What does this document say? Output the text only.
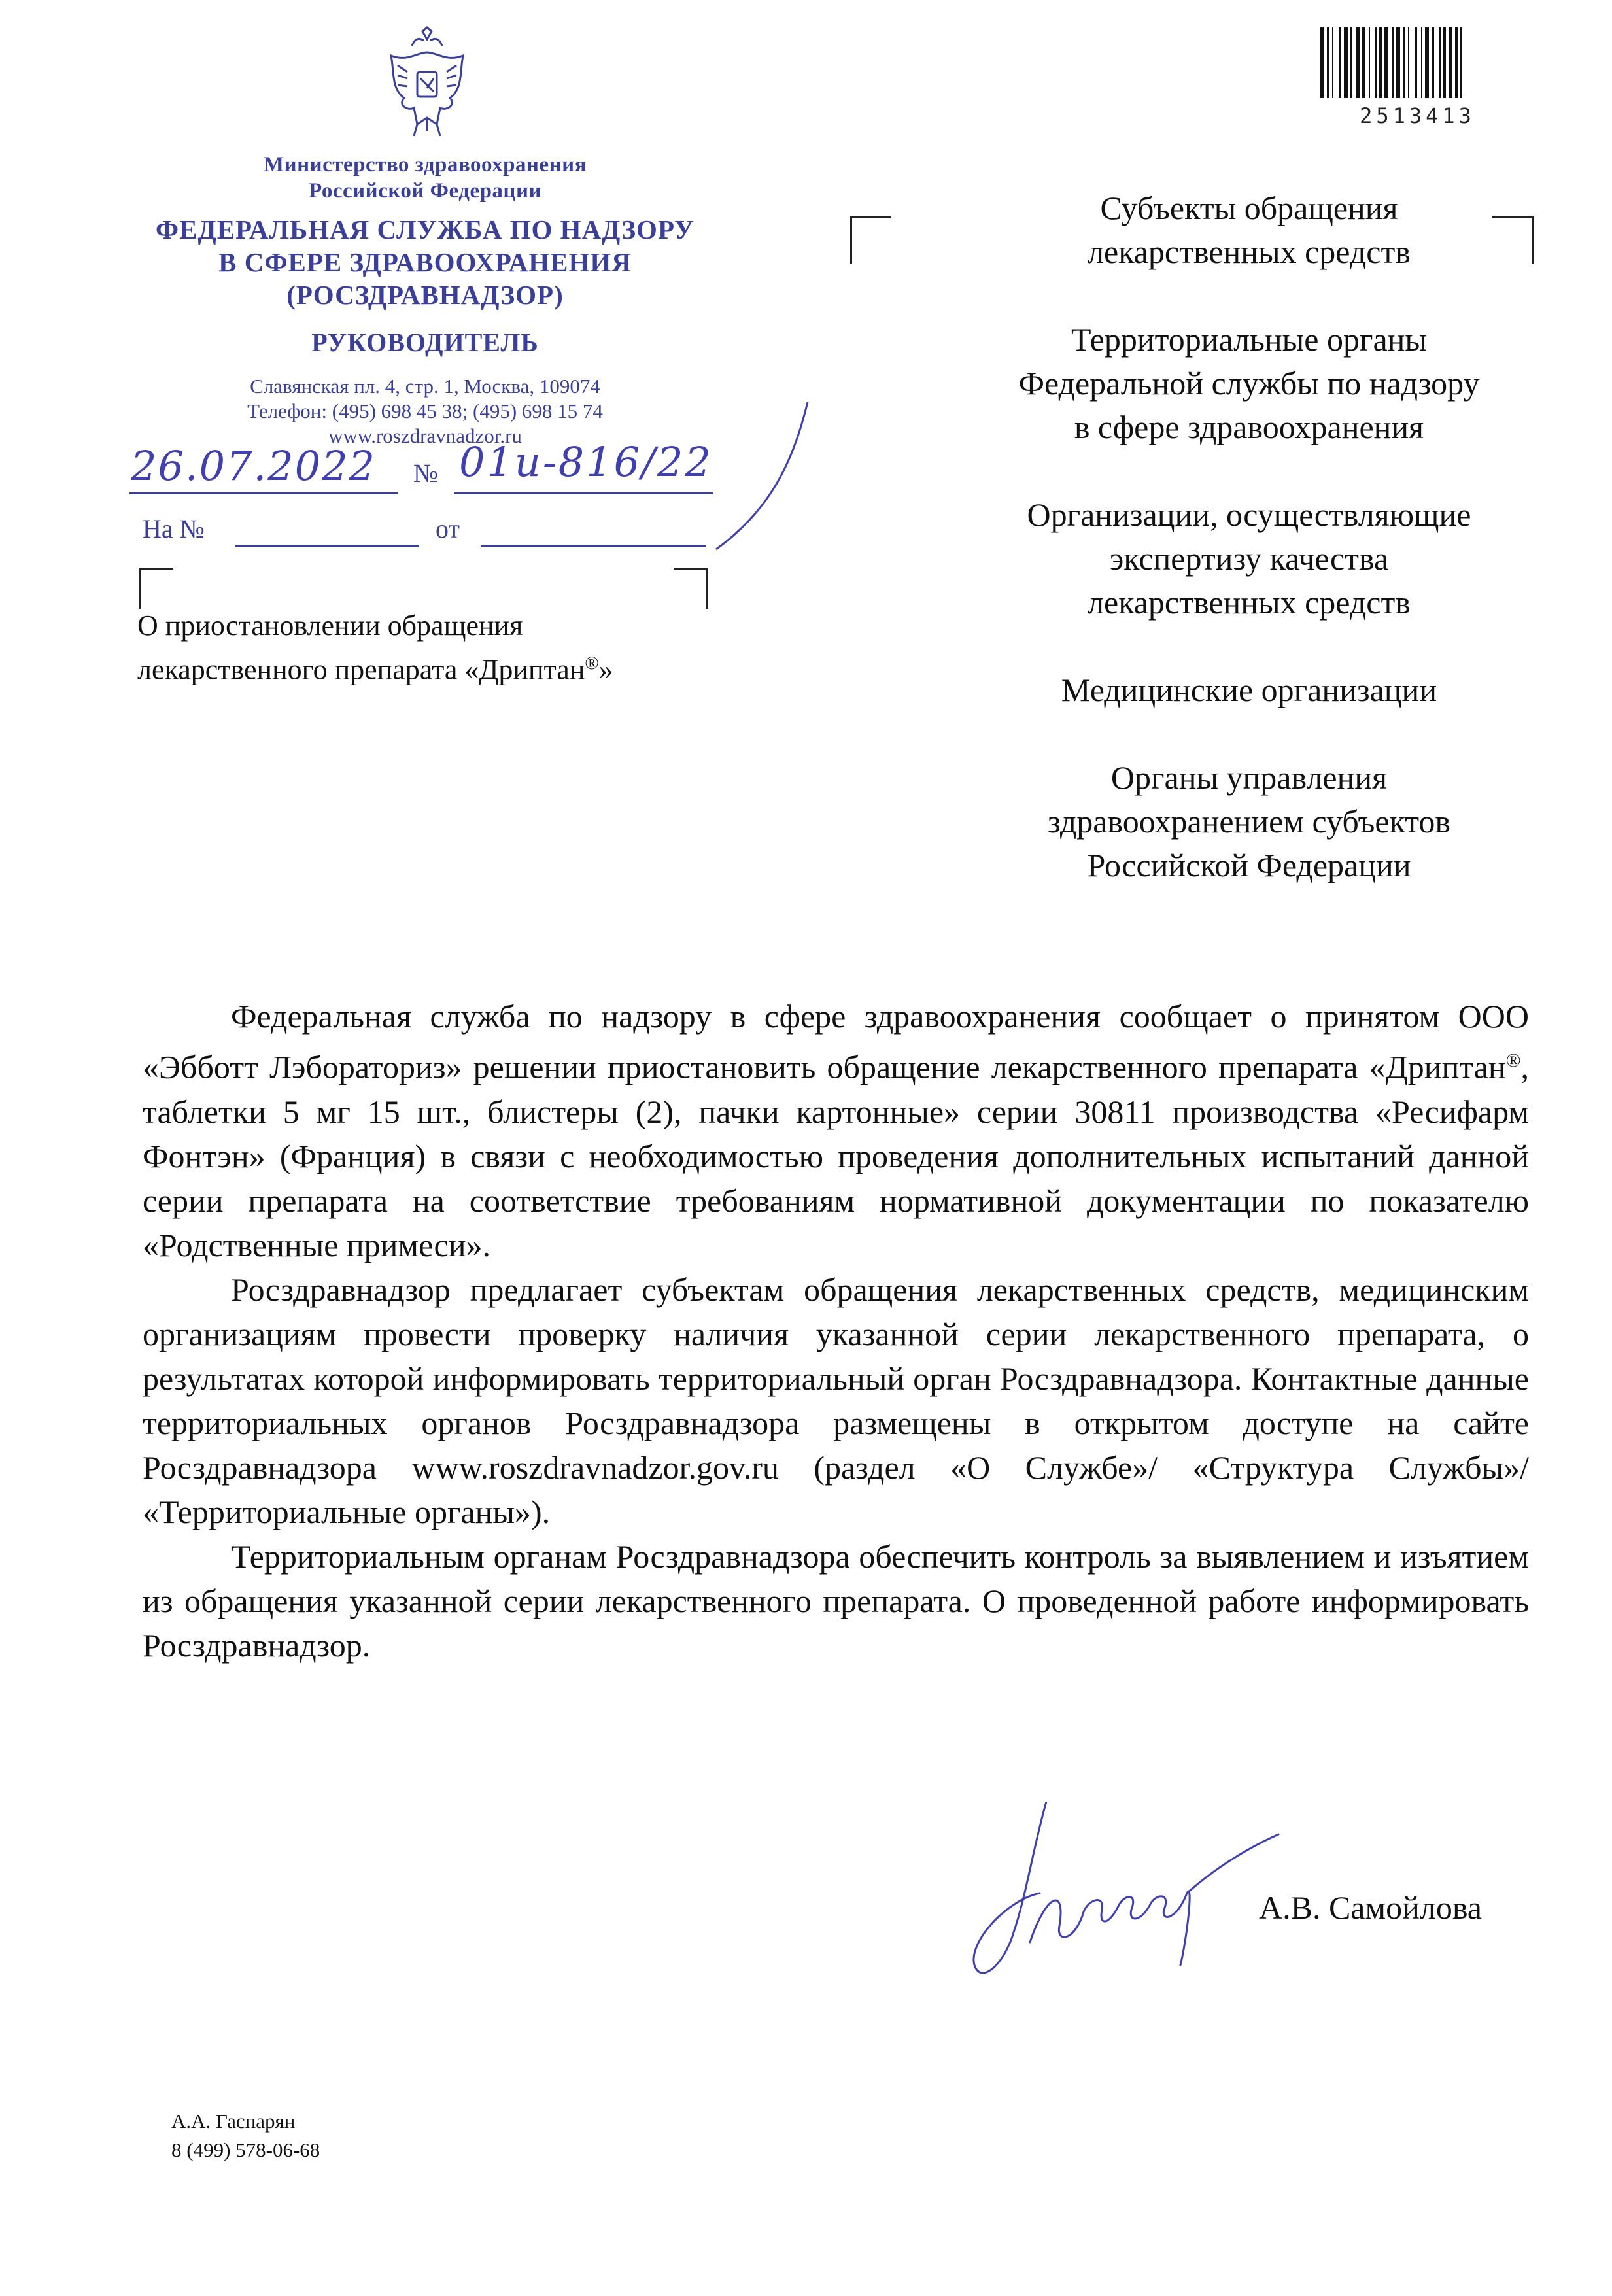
Министерство здравоохранения
Российской Федерации
ФЕДЕРАЛЬНАЯ СЛУЖБА ПО НАДЗОРУ
В СФЕРЕ ЗДРАВООХРАНЕНИЯ
(РОСЗДРАВНАДЗОР)
РУКОВОДИТЕЛЬ
Славянская пл. 4, стр. 1, Москва, 109074
Телефон: (495) 698 45 38; (495) 698 15 74
www.roszdravnadzor.ru
26.07.2022 № 01и-816/22
На №	от
О приостановлении обращения
лекарственного препарата «Дриптан®»
2513413
Субъекты обращения
лекарственных средств
Территориальные органы
Федеральной службы по надзору
в сфере здравоохранения
Организации, осуществляющие
экспертизу качества
лекарственных средств
Медицинские организации
Органы управления
здравоохранением субъектов
Российской Федерации

Федеральная служба по надзору в сфере здравоохранения сообщает о принятом ООО «Эбботт Лэбораториз» решении приостановить обращение лекарственного препарата «Дриптан®, таблетки 5 мг 15 шт., блистеры (2), пачки картонные» серии 30811 производства «Ресифарм Фонтэн» (Франция) в связи с необходимостью проведения дополнительных испытаний данной серии препарата на соответствие требованиям нормативной документации по показателю «Родственные примеси».

Росздравнадзор предлагает субъектам обращения лекарственных средств, медицинским организациям провести проверку наличия указанной серии лекарственного препарата, о результатах которой информировать территориальный орган Росздравнадзора. Контактные данные территориальных органов Росздравнадзора размещены в открытом доступе на сайте Росздравнадзора www.roszdravnadzor.gov.ru (раздел «О Службе»/ «Структура Службы»/ «Территориальные органы»).

Территориальным органам Росздравнадзора обеспечить контроль за выявлением и изъятием из обращения указанной серии лекарственного препарата. О проведенной работе информировать Росздравнадзор.

А.В. Самойлова
А.А. Гаспарян
8 (499) 578-06-68
